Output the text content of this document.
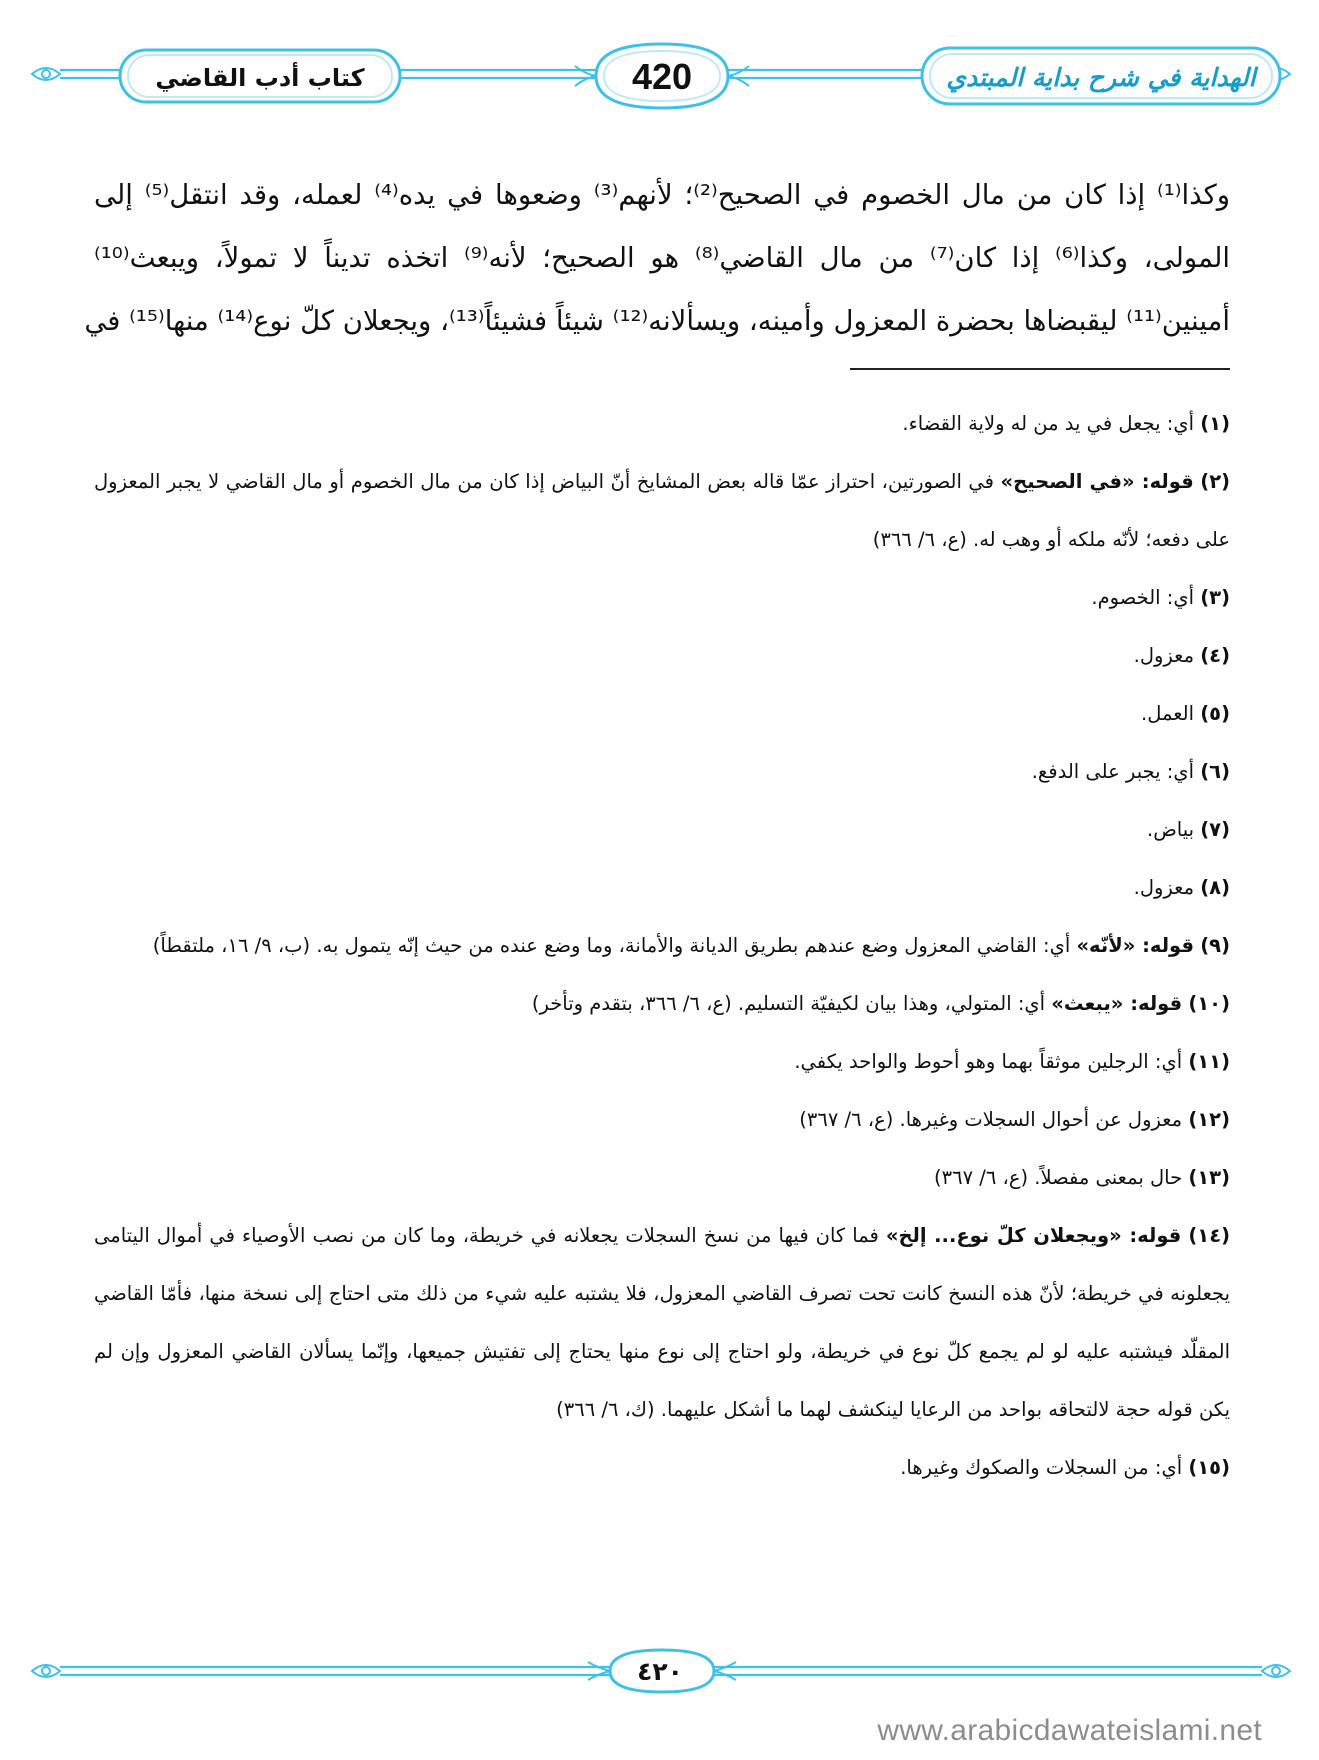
كتاب أدب القاضي	420	الهداية في شرح بداية المبتدي
وكذا⁽¹⁾ إذا كان من مال الخصوم في الصحيح⁽²⁾؛ لأنهم⁽³⁾ وضعوها في يده⁽⁴⁾ لعمله، وقد انتقل⁽⁵⁾ إلى
المولى، وكذا⁽⁶⁾ إذا كان⁽⁷⁾ من مال القاضي⁽⁸⁾ هو الصحيح؛ لأنه⁽⁹⁾ اتخذه تديناً لا تمولاً، ويبعث⁽¹⁰⁾
أمينين⁽¹¹⁾ ليقبضاها بحضرة المعزول وأمينه، ويسألانه⁽¹²⁾ شيئاً فشيئاً⁽¹³⁾، ويجعلان كلّ نوع⁽¹⁴⁾ منها⁽¹⁵⁾ في
(١) أي: يجعل في يد من له ولاية القضاء.
(٢) قوله: «في الصحيح» في الصورتين، احتراز عمّا قاله بعض المشايخ أنّ البياض إذا كان من مال الخصوم أو مال القاضي لا يجبر المعزول على دفعه؛ لأنّه ملكه أو وهب له. (ع، ٦/ ٣٦٦)
(٣) أي: الخصوم.
(٤) معزول.
(٥) العمل.
(٦) أي: يجبر على الدفع.
(٧) بياض.
(٨) معزول.
(٩) قوله: «لأنّه» أي: القاضي المعزول وضع عندهم بطريق الديانة والأمانة، وما وضع عنده من حيث إنّه يتمول به. (ب، ٩/ ١٦، ملتقطاً)
(١٠) قوله: «يبعث» أي: المتولي، وهذا بيان لكيفيّة التسليم. (ع، ٦/ ٣٦٦، بتقدم وتأخر)
(١١) أي: الرجلين موثقاً بهما وهو أحوط والواحد يكفي.
(١٢) معزول عن أحوال السجلات وغيرها. (ع، ٦/ ٣٦٧)
(١٣) حال بمعنى مفصلاً. (ع، ٦/ ٣٦٧)
(١٤) قوله: «ويجعلان كلّ نوع... إلخ» فما كان فيها من نسخ السجلات يجعلانه في خريطة، وما كان من نصب الأوصياء في أموال اليتامى يجعلونه في خريطة؛ لأنّ هذه النسخ كانت تحت تصرف القاضي المعزول، فلا يشتبه عليه شيء من ذلك متى احتاج إلى نسخة منها، فأمّا القاضي المقلّد فيشتبه عليه لو لم يجمع كلّ نوع في خريطة، ولو احتاج إلى نوع منها يحتاج إلى تفتيش جميعها، وإنّما يسألان القاضي المعزول وإن لم يكن قوله حجة لالتحاقه بواحد من الرعايا لينكشف لهما ما أشكل عليهما. (ك، ٦/ ٣٦٦)
(١٥) أي: من السجلات والصكوك وغيرها.
٤٢٠
www.arabicdawateislami.net
